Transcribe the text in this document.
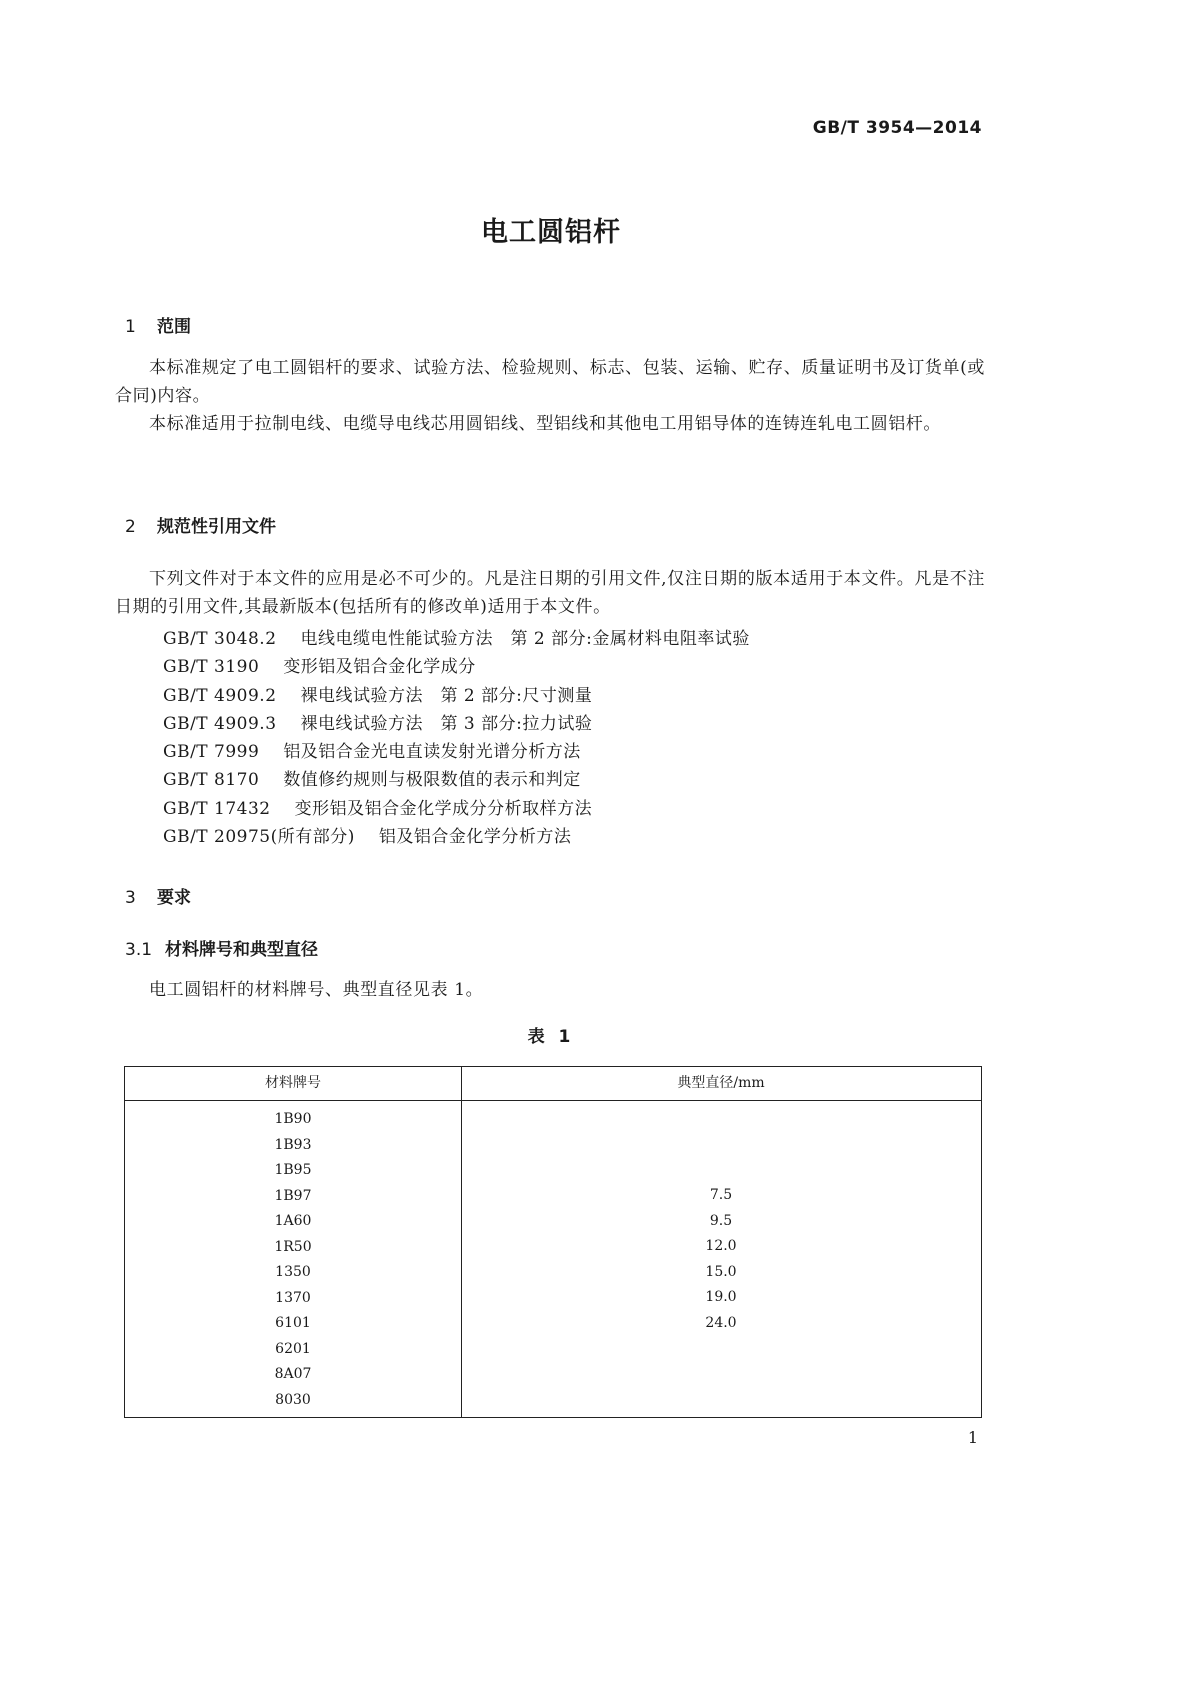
GB/T 3954—2014
电工圆铝杆
1 范围

本标准规定了电工圆铝杆的要求、试验方法、检验规则、标志、包装、运输、贮存、质量证明书及订货单(或合同)内容。

本标准适用于拉制电线、电缆导电线芯用圆铝线、型铝线和其他电工用铝导体的连铸连轧电工圆铝杆。

2 规范性引用文件

下列文件对于本文件的应用是必不可少的。凡是注日期的引用文件,仅注日期的版本适用于本文件。凡是不注日期的引用文件,其最新版本(包括所有的修改单)适用于本文件。

GB/T 3048.2 电线电缆电性能试验方法　第 2 部分:金属材料电阻率试验
GB/T 3190 变形铝及铝合金化学成分
GB/T 4909.2 裸电线试验方法　第 2 部分:尺寸测量
GB/T 4909.3 裸电线试验方法　第 3 部分:拉力试验
GB/T 7999 铝及铝合金光电直读发射光谱分析方法
GB/T 8170 数值修约规则与极限数值的表示和判定
GB/T 17432 变形铝及铝合金化学成分分析取样方法
GB/T 20975(所有部分) 铝及铝合金化学分析方法
3 要求
3.1 材料牌号和典型直径

电工圆铝杆的材料牌号、典型直径见表 1。

表 1
材料牌号	典型直径/mm
1B90
1B93
1B95
1B97
1A60
1R50
1350
1370
6101
6201
8A07
8030
7.5
9.5
12.0
15.0
19.0
24.0
1
